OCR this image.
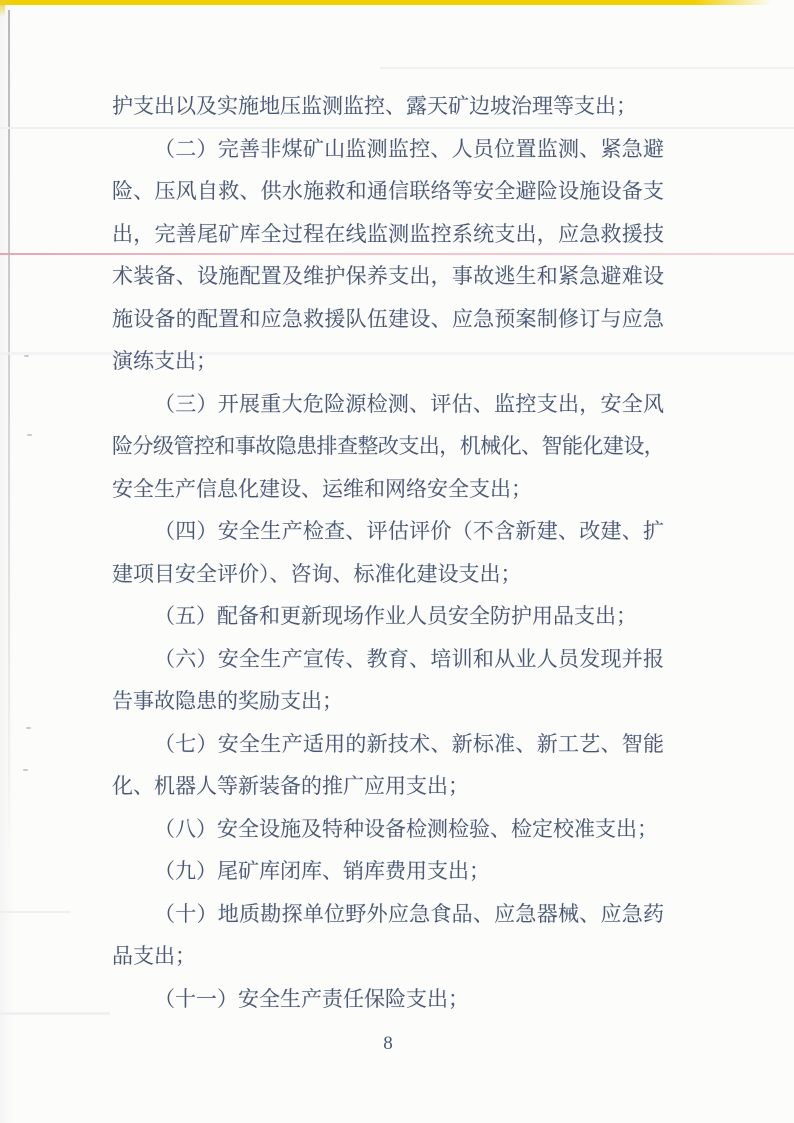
护支出以及实施地压监测监控、露天矿边坡治理等支出；
（二）完善非煤矿山监测监控、人员位置监测、紧急避
险、压风自救、供水施救和通信联络等安全避险设施设备支
出，完善尾矿库全过程在线监测监控系统支出，应急救援技
术装备、设施配置及维护保养支出，事故逃生和紧急避难设
施设备的配置和应急救援队伍建设、应急预案制修订与应急
演练支出；
（三）开展重大危险源检测、评估、监控支出，安全风
险分级管控和事故隐患排查整改支出，机械化、智能化建设，
安全生产信息化建设、运维和网络安全支出；
（四）安全生产检查、评估评价（不含新建、改建、扩
建项目安全评价）、咨询、标准化建设支出；
（五）配备和更新现场作业人员安全防护用品支出；
（六）安全生产宣传、教育、培训和从业人员发现并报
告事故隐患的奖励支出；
（七）安全生产适用的新技术、新标准、新工艺、智能
化、机器人等新装备的推广应用支出；
（八）安全设施及特种设备检测检验、检定校准支出；
（九）尾矿库闭库、销库费用支出；
（十）地质勘探单位野外应急食品、应急器械、应急药
品支出；
（十一）安全生产责任保险支出；
8
